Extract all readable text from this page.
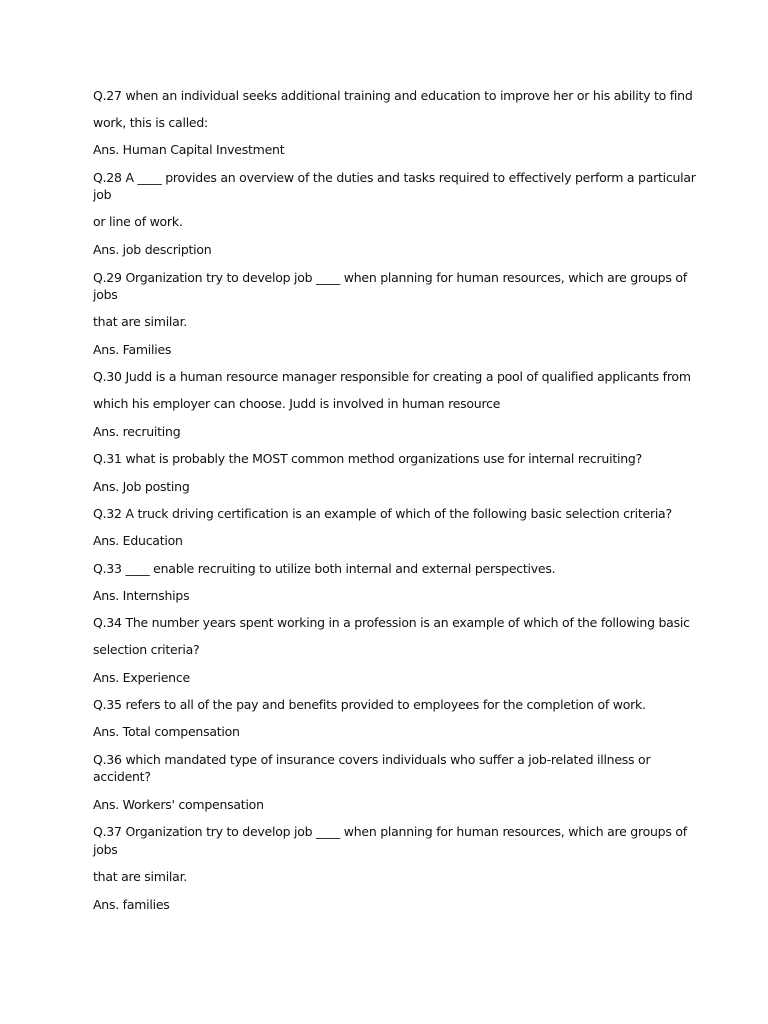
Q.27 when an individual seeks additional training and education to improve her or his ability to find
work, this is called:
Ans. Human Capital Investment
Q.28 A ____ provides an overview of the duties and tasks required to effectively perform a particular
job
or line of work.
Ans. job description
Q.29 Organization try to develop job ____ when planning for human resources, which are groups of
jobs
that are similar.
Ans. Families
Q.30 Judd is a human resource manager responsible for creating a pool of qualified applicants from
which his employer can choose. Judd is involved in human resource
Ans. recruiting
Q.31 what is probably the MOST common method organizations use for internal recruiting?
Ans. Job posting
Q.32 A truck driving certification is an example of which of the following basic selection criteria?
Ans. Education
Q.33 ____ enable recruiting to utilize both internal and external perspectives.
Ans. Internships
Q.34 The number years spent working in a profession is an example of which of the following basic
selection criteria?
Ans. Experience
Q.35 refers to all of the pay and benefits provided to employees for the completion of work.
Ans. Total compensation
Q.36 which mandated type of insurance covers individuals who suffer a job-related illness or
accident?
Ans. Workers' compensation
Q.37 Organization try to develop job ____ when planning for human resources, which are groups of
jobs
that are similar.
Ans. families
